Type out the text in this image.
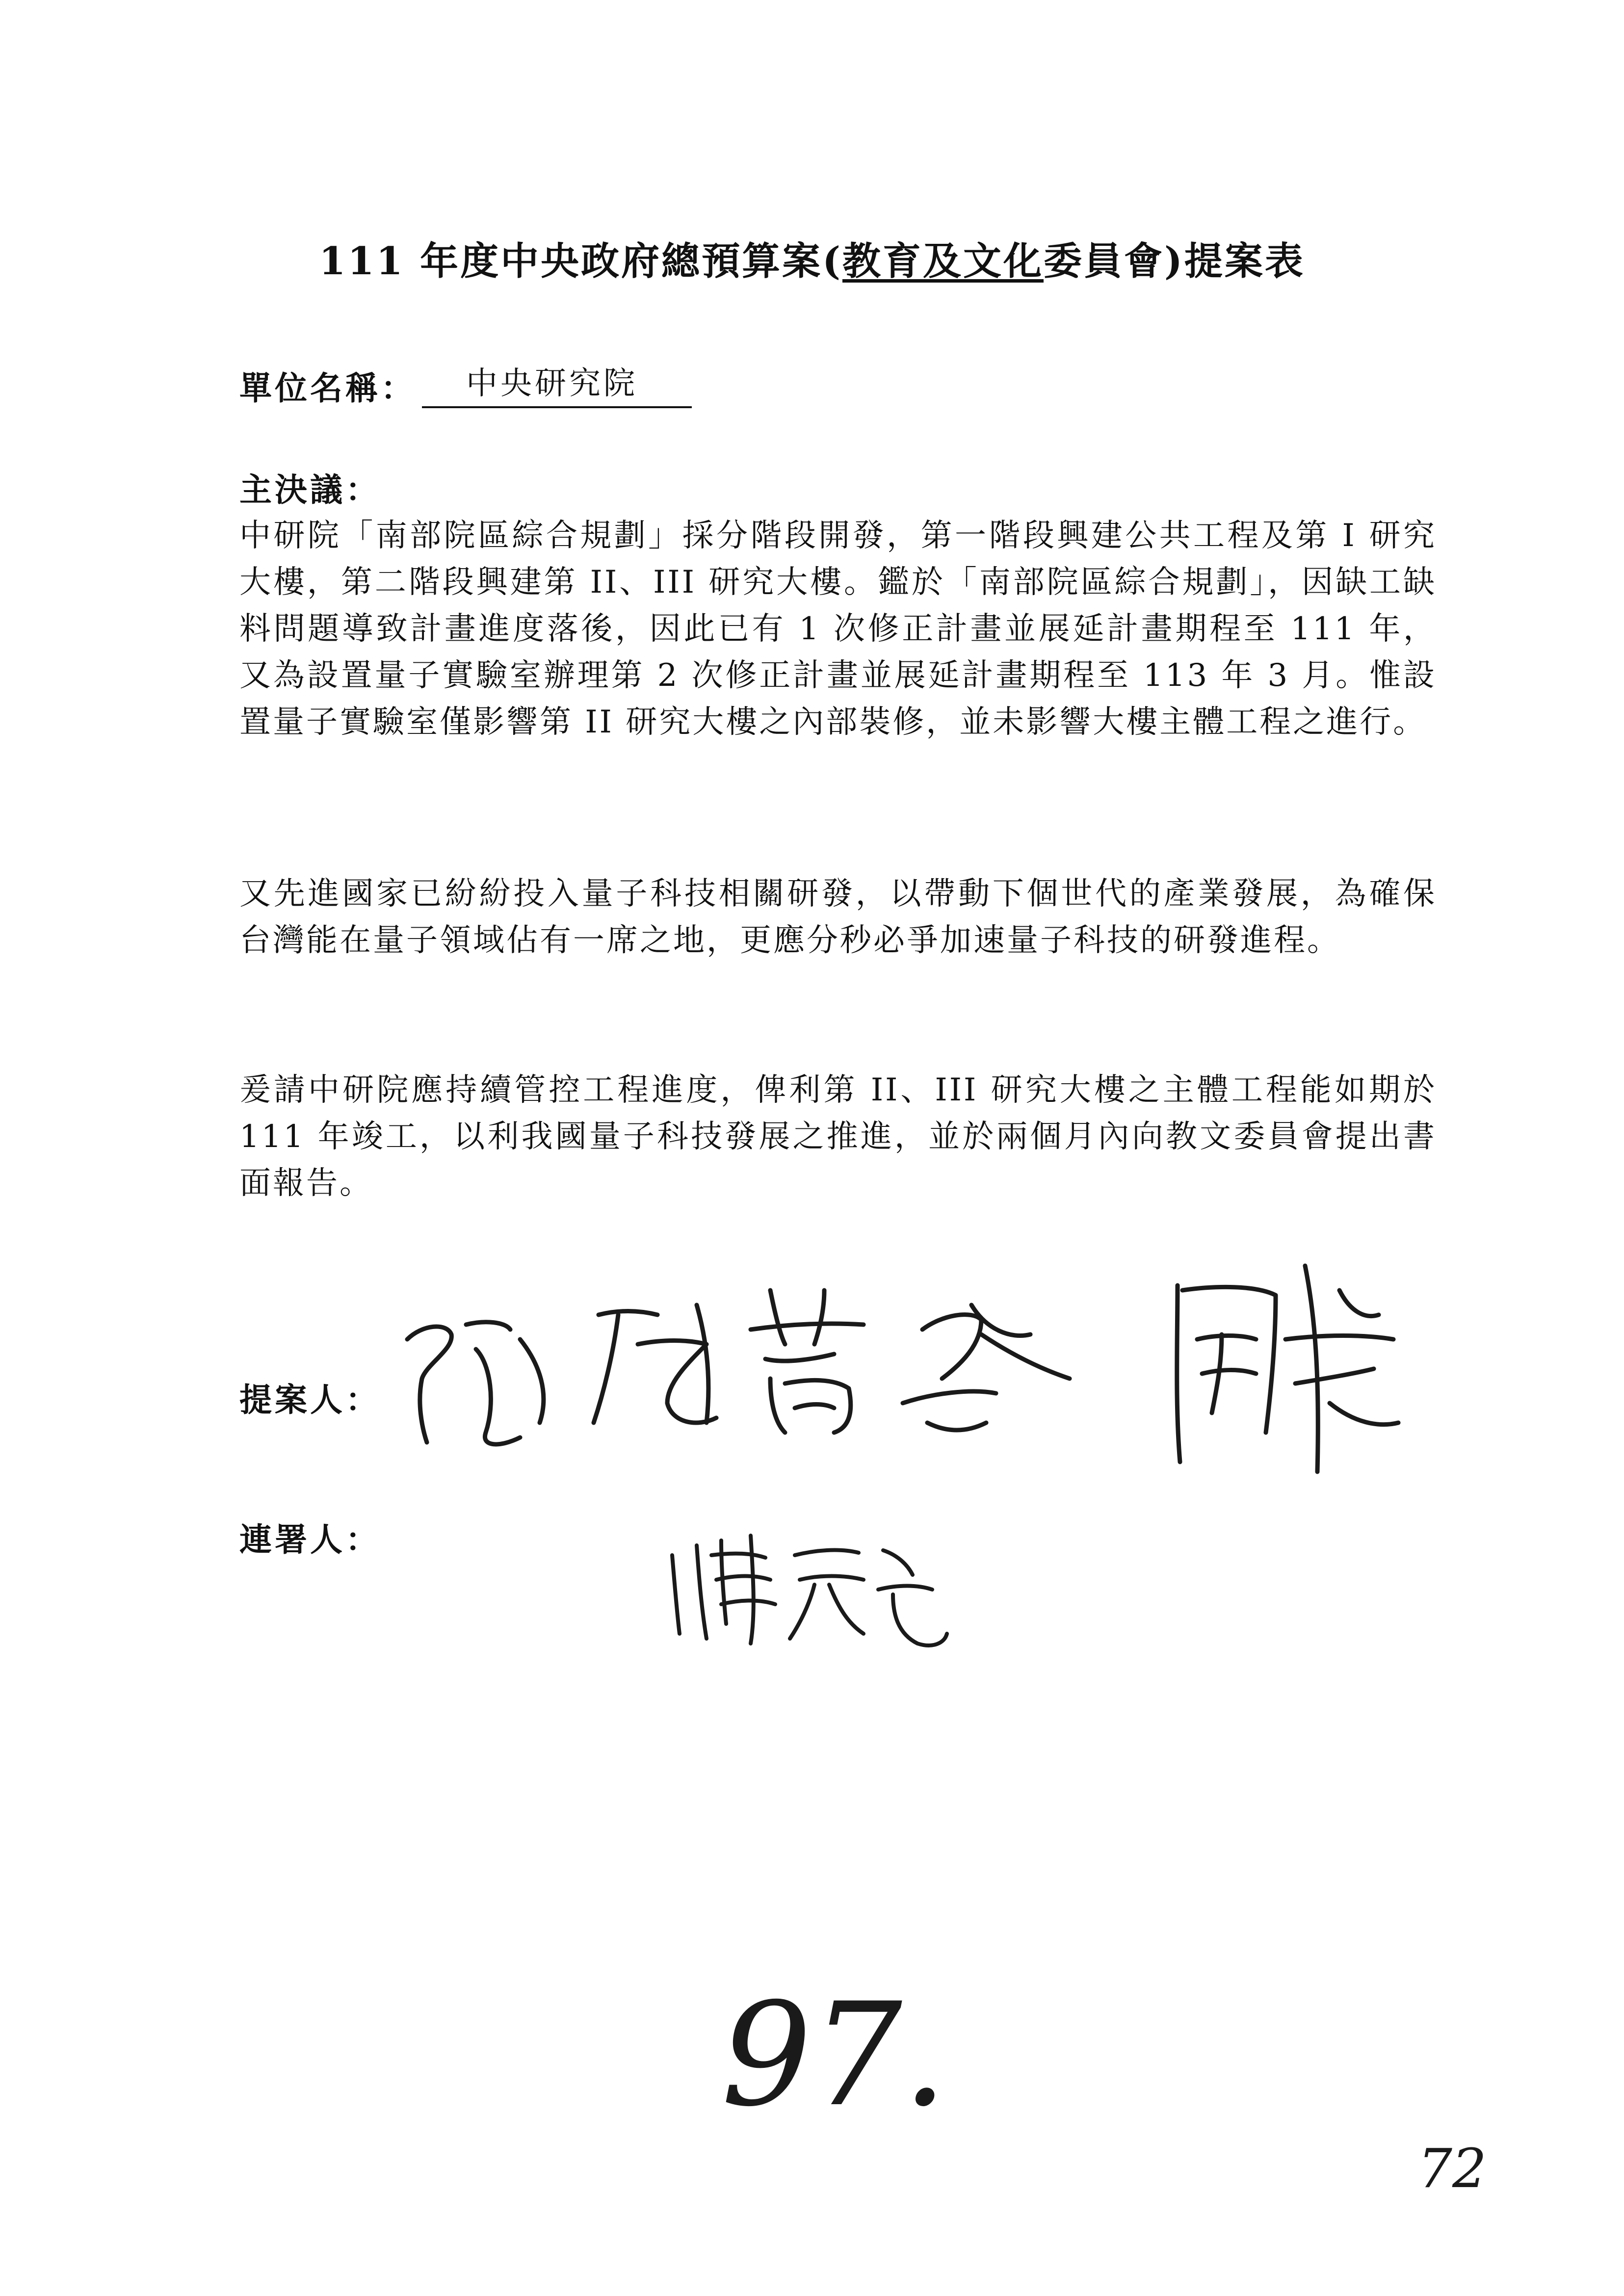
111 年度中央政府總預算案(教育及文化委員會)提案表
單位名稱：	中央研究院
主決議：
中研院「南部院區綜合規劃」採分階段開發，第一階段興建公共工程及第 I 研究大樓，第二階段興建第 II、III 研究大樓。鑑於「南部院區綜合規劃」，因缺工缺料問題導致計畫進度落後，因此已有 1 次修正計畫並展延計畫期程至 111 年，又為設置量子實驗室辦理第 2 次修正計畫並展延計畫期程至 113 年 3 月。惟設置量子實驗室僅影響第 II 研究大樓之內部裝修，並未影響大樓主體工程之進行。
又先進國家已紛紛投入量子科技相關研發，以帶動下個世代的產業發展，為確保台灣能在量子領域佔有一席之地，更應分秒必爭加速量子科技的研發進程。
爰請中研院應持續管控工程進度，俾利第 II、III 研究大樓之主體工程能如期於 111 年竣工，以利我國量子科技發展之推進，並於兩個月內向教文委員會提出書面報告。
提案人：
連署人：
97.
72
